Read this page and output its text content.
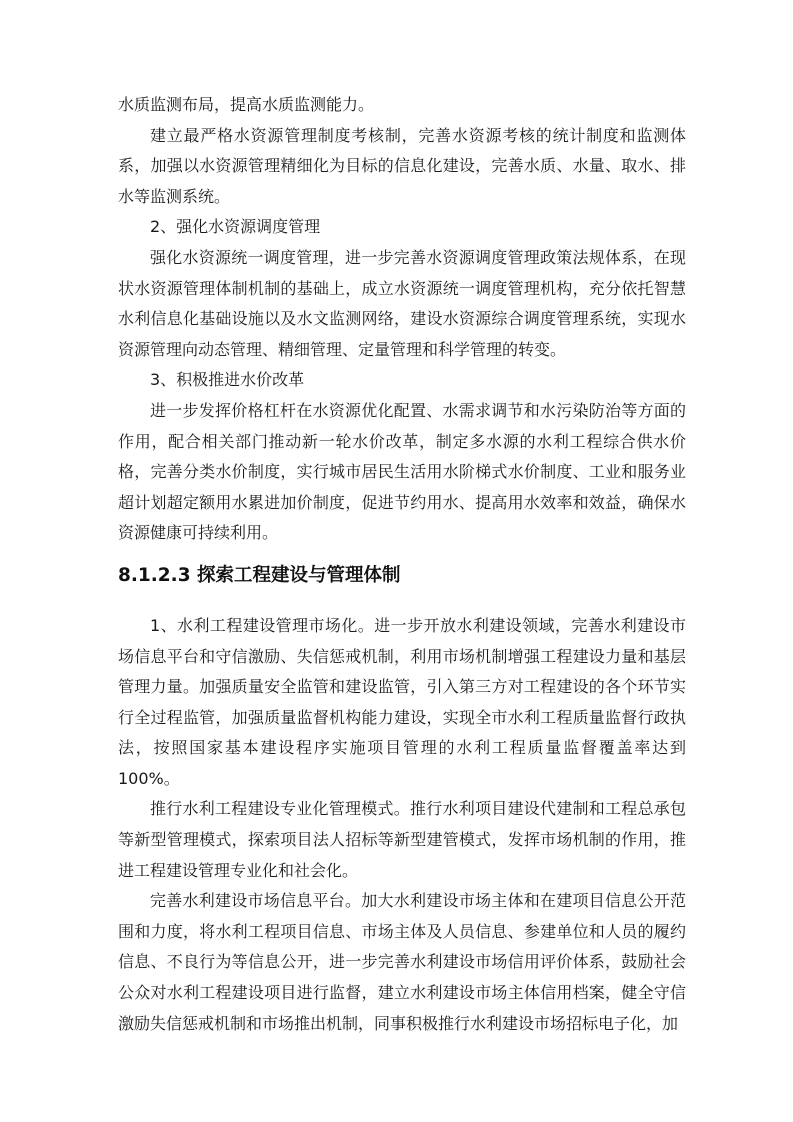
水质监测布局，提高水质监测能力。

建立最严格水资源管理制度考核制，完善水资源考核的统计制度和监测体系，加强以水资源管理精细化为目标的信息化建设，完善水质、水量、取水、排水等监测系统。

2、强化水资源调度管理

强化水资源统一调度管理，进一步完善水资源调度管理政策法规体系，在现状水资源管理体制机制的基础上，成立水资源统一调度管理机构，充分依托智慧水利信息化基础设施以及水文监测网络，建设水资源综合调度管理系统，实现水资源管理向动态管理、精细管理、定量管理和科学管理的转变。

3、积极推进水价改革

进一步发挥价格杠杆在水资源优化配置、水需求调节和水污染防治等方面的作用，配合相关部门推动新一轮水价改革，制定多水源的水利工程综合供水价格，完善分类水价制度，实行城市居民生活用水阶梯式水价制度、工业和服务业超计划超定额用水累进加价制度，促进节约用水、提高用水效率和效益，确保水资源健康可持续利用。

8.1.2.3 探索工程建设与管理体制

1、水利工程建设管理市场化。进一步开放水利建设领域，完善水利建设市场信息平台和守信激励、失信惩戒机制，利用市场机制增强工程建设力量和基层管理力量。加强质量安全监管和建设监管，引入第三方对工程建设的各个环节实行全过程监管，加强质量监督机构能力建设，实现全市水利工程质量监督行政执法，按照国家基本建设程序实施项目管理的水利工程质量监督覆盖率达到100%。

推行水利工程建设专业化管理模式。推行水利项目建设代建制和工程总承包等新型管理模式，探索项目法人招标等新型建管模式，发挥市场机制的作用，推进工程建设管理专业化和社会化。

完善水利建设市场信息平台。加大水利建设市场主体和在建项目信息公开范围和力度，将水利工程项目信息、市场主体及人员信息、参建单位和人员的履约信息、不良行为等信息公开，进一步完善水利建设市场信用评价体系，鼓励社会公众对水利工程建设项目进行监督，建立水利建设市场主体信用档案，健全守信激励失信惩戒机制和市场推出机制，同事积极推行水利建设市场招标电子化，加
